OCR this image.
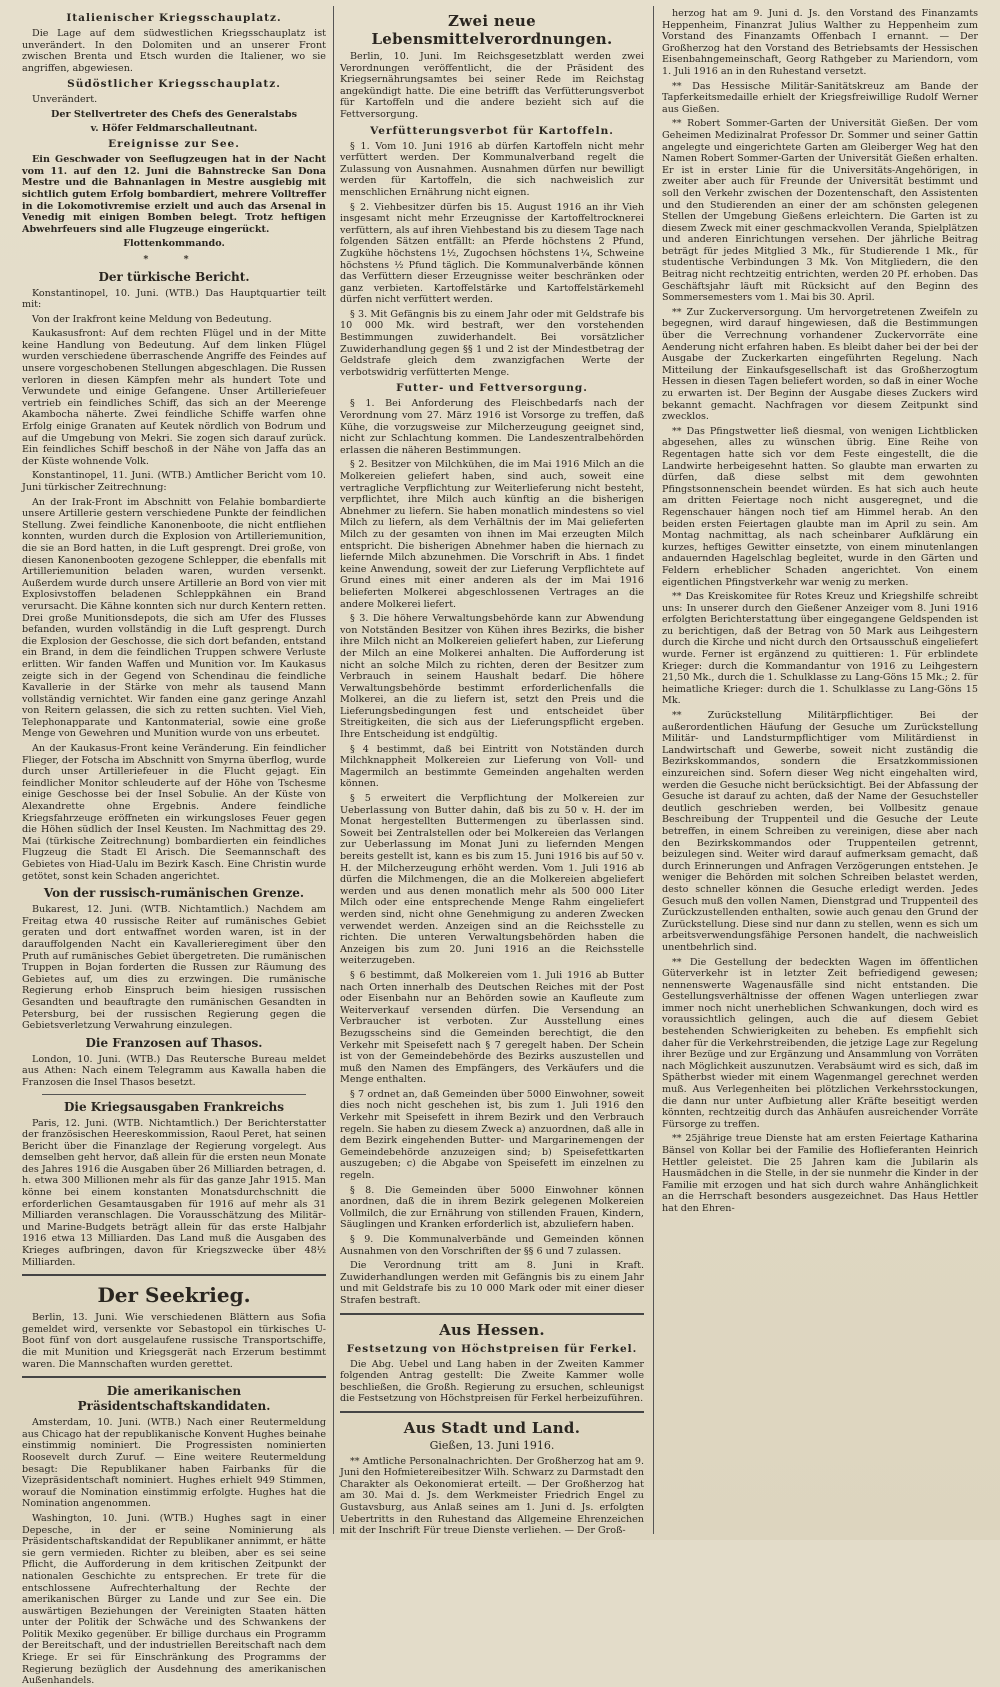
Italienischer Kriegsschauplatz.

Die Lage auf dem südwestlichen Kriegsschauplatz ist unverändert. In den Dolomiten und an unserer Front zwischen Brenta und Etsch wurden die Italiener, wo sie angriffen, abgewiesen.

Südöstlicher Kriegsschauplatz.

Unverändert.

Der Stellvertreter des Chefs des Generalstabs
v. Höfer Feldmarschalleutnant.
Ereignisse zur See.

Ein Geschwader von Seeflugzeugen hat in der Nacht vom 11. auf den 12. Juni die Bahnstrecke San Dona Mestre und die Bahnanlagen in Mestre ausgiebig mit sichtlich gutem Erfolg bombardiert, mehrere Volltreffer in die Lokomotivremise erzielt und auch das Arsenal in Venedig mit einigen Bomben belegt. Trotz heftigen Abwehrfeuers sind alle Flugzeuge eingerückt.

Flottenkommando.
* *
Der türkische Bericht.

Konstantinopel, 10. Juni. (WTB.) Das Hauptquartier teilt mit:

Von der Irakfront keine Meldung von Bedeutung.

Kaukasusfront: Auf dem rechten Flügel und in der Mitte keine Handlung von Bedeutung. Auf dem linken Flügel wurden verschiedene überraschende Angriffe des Feindes auf unsere vorgeschobenen Stellungen abgeschlagen. Die Russen verloren in diesen Kämpfen mehr als hundert Tote und Verwundete und einige Gefangene. Unser Artilleriefeuer vertrieb ein feindliches Schiff, das sich an der Meerenge Akambocha näherte. Zwei feindliche Schiffe warfen ohne Erfolg einige Granaten auf Keutek nördlich von Bodrum und auf die Umgebung von Mekri. Sie zogen sich darauf zurück. Ein feindliches Schiff beschoß in der Nähe von Jaffa das an der Küste wohnende Volk.

Konstantinopel, 11. Juni. (WTB.) Amtlicher Bericht vom 10. Juni türkischer Zeitrechnung:

An der Irak-Front im Abschnitt von Felahie bombardierte unsere Artillerie gestern verschiedene Punkte der feindlichen Stellung. Zwei feindliche Kanonenboote, die nicht entfliehen konnten, wurden durch die Explosion von Artilleriemunition, die sie an Bord hatten, in die Luft gesprengt. Drei große, von diesen Kanonenbooten gezogene Schlepper, die ebenfalls mit Artilleriemunition beladen waren, wurden versenkt. Außerdem wurde durch unsere Artillerie an Bord von vier mit Explosivstoffen beladenen Schleppkähnen ein Brand verursacht. Die Kähne konnten sich nur durch Kentern retten. Drei große Munitionsdepots, die sich am Ufer des Flusses befanden, wurden vollständig in die Luft gesprengt. Durch die Explosion der Geschosse, die sich dort befanden, entstand ein Brand, in dem die feindlichen Truppen schwere Verluste erlitten. Wir fanden Waffen und Munition vor. Im Kaukasus zeigte sich in der Gegend von Schendinau die feindliche Kavallerie in der Stärke von mehr als tausend Mann vollständig vernichtet. Wir fanden eine ganz geringe Anzahl von Reitern gelassen, die sich zu retten suchten. Viel Vieh, Telephonapparate und Kantonmaterial, sowie eine große Menge von Gewehren und Munition wurde von uns erbeutet.

An der Kaukasus-Front keine Veränderung. Ein feindlicher Flieger, der Fotscha im Abschnitt von Smyrna überflog, wurde durch unser Artilleriefeuer in die Flucht gejagt. Ein feindlicher Monitor schleuderte auf der Höhe von Tschesme einige Geschosse bei der Insel Sobulie. An der Küste von Alexandrette ohne Ergebnis. Andere feindliche Kriegsfahrzeuge eröffneten ein wirkungsloses Feuer gegen die Höhen südlich der Insel Keusten. Im Nachmittag des 29. Mai (türkische Zeitrechnung) bombardierten ein feindliches Flugzeug die Stadt El Arisch. Die Seemannschaft des Gebietes von Hiad-Ualu im Bezirk Kasch. Eine Christin wurde getötet, sonst kein Schaden angerichtet.

Von der russisch-rumänischen Grenze.

Bukarest, 12. Juni. (WTB. Nichtamtlich.) Nachdem am Freitag etwa 40 russische Reiter auf rumänisches Gebiet geraten und dort entwaffnet worden waren, ist in der darauffolgenden Nacht ein Kavallerieregiment über den Pruth auf rumänisches Gebiet übergetreten. Die rumänischen Truppen in Bojan forderten die Russen zur Räumung des Gebietes auf, um dies zu erzwingen. Die rumänische Regierung erhob Einspruch beim hiesigen russischen Gesandten und beauftragte den rumänischen Gesandten in Petersburg, bei der russischen Regierung gegen die Gebietsverletzung Verwahrung einzulegen.

Die Franzosen auf Thasos.

London, 10. Juni. (WTB.) Das Reutersche Bureau meldet aus Athen: Nach einem Telegramm aus Kawalla haben die Franzosen die Insel Thasos besetzt.

Die Kriegsausgaben Frankreichs

Paris, 12. Juni. (WTB. Nichtamtlich.) Der Berichterstatter der französischen Heereskommission, Raoul Peret, hat seinen Bericht über die Finanzlage der Regierung vorgelegt. Aus demselben geht hervor, daß allein für die ersten neun Monate des Jahres 1916 die Ausgaben über 26 Milliarden betragen, d. h. etwa 300 Millionen mehr als für das ganze Jahr 1915. Man könne bei einem konstanten Monatsdurchschnitt die erforderlichen Gesamtausgaben für 1916 auf mehr als 31 Milliarden veranschlagen. Die Vorausschätzung des Militär- und Marine-Budgets beträgt allein für das erste Halbjahr 1916 etwa 13 Milliarden. Das Land muß die Ausgaben des Krieges aufbringen, davon für Kriegszwecke über 48½ Milliarden.

Der Seekrieg.

Berlin, 13. Juni. Wie verschiedenen Blättern aus Sofia gemeldet wird, versenkte vor Sebastopol ein türkisches U-Boot fünf von dort ausgelaufene russische Transportschiffe, die mit Munition und Kriegsgerät nach Erzerum bestimmt waren. Die Mannschaften wurden gerettet.

Die amerikanischen Präsidentschaftskandidaten.

Amsterdam, 10. Juni. (WTB.) Nach einer Reutermeldung aus Chicago hat der republikanische Konvent Hughes beinahe einstimmig nominiert. Die Progressisten nominierten Roosevelt durch Zuruf. — Eine weitere Reutermeldung besagt: Die Republikaner haben Fairbanks für die Vizepräsidentschaft nominiert. Hughes erhielt 949 Stimmen, worauf die Nomination einstimmig erfolgte. Hughes hat die Nomination angenommen.

Washington, 10. Juni. (WTB.) Hughes sagt in einer Depesche, in der er seine Nominierung als Präsidentschaftskandidat der Republikaner annimmt, er hätte sie gern vermieden. Richter zu bleiben, aber es sei seine Pflicht, die Aufforderung in dem kritischen Zeitpunkt der nationalen Geschichte zu entsprechen. Er trete für die entschlossene Aufrechterhaltung der Rechte der amerikanischen Bürger zu Lande und zur See ein. Die auswärtigen Beziehungen der Vereinigten Staaten hätten unter der Politik der Schwäche und des Schwankens der Politik Mexiko gegenüber. Er billige durchaus ein Programm der Bereitschaft, und der industriellen Bereitschaft nach dem Kriege. Er sei für Einschränkung des Programms der Regierung bezüglich der Ausdehnung des amerikanischen Außenhandels.

Zwei neue Lebensmittelverordnungen.

Berlin, 10. Juni. Im Reichsgesetzblatt werden zwei Verordnungen veröffentlicht, die der Präsident des Kriegsernährungsamtes bei seiner Rede im Reichstag angekündigt hatte. Die eine betrifft das Verfütterungsverbot für Kartoffeln und die andere bezieht sich auf die Fettversorgung.

Verfütterungsverbot für Kartoffeln.

§ 1. Vom 10. Juni 1916 ab dürfen Kartoffeln nicht mehr verfüttert werden. Der Kommunalverband regelt die Zulassung von Ausnahmen. Ausnahmen dürfen nur bewilligt werden für Kartoffeln, die sich nachweislich zur menschlichen Ernährung nicht eignen.

§ 2. Viehbesitzer dürfen bis 15. August 1916 an ihr Vieh insgesamt nicht mehr Erzeugnisse der Kartoffeltrocknerei verfüttern, als auf ihren Viehbestand bis zu diesem Tage nach folgenden Sätzen entfällt: an Pferde höchstens 2 Pfund, Zugkühe höchstens 1½, Zugochsen höchstens 1¼, Schweine höchstens ½ Pfund täglich. Die Kommunalverbände können das Verfüttern dieser Erzeugnisse weiter beschränken oder ganz verbieten. Kartoffelstärke und Kartoffelstärkemehl dürfen nicht verfüttert werden.

§ 3. Mit Gefängnis bis zu einem Jahr oder mit Geldstrafe bis 10 000 Mk. wird bestraft, wer den vorstehenden Bestimmungen zuwiderhandelt. Bei vorsätzlicher Zuwiderhandlung gegen §§ 1 und 2 ist der Mindestbetrag der Geldstrafe gleich dem zwanzigfachen Werte der verbotswidrig verfütterten Menge.

Futter- und Fettversorgung.

§ 1. Bei Anforderung des Fleischbedarfs nach der Verordnung vom 27. März 1916 ist Vorsorge zu treffen, daß Kühe, die vorzugsweise zur Milcherzeugung geeignet sind, nicht zur Schlachtung kommen. Die Landeszentralbehörden erlassen die näheren Bestimmungen.

§ 2. Besitzer von Milchkühen, die im Mai 1916 Milch an die Molkereien geliefert haben, sind auch, soweit eine vertragliche Verpflichtung zur Weiterlieferung nicht besteht, verpflichtet, ihre Milch auch künftig an die bisherigen Abnehmer zu liefern. Sie haben monatlich mindestens so viel Milch zu liefern, als dem Verhältnis der im Mai gelieferten Milch zu der gesamten von ihnen im Mai erzeugten Milch entspricht. Die bisherigen Abnehmer haben die hiernach zu liefernde Milch abzunehmen. Die Vorschrift in Abs. 1 findet keine Anwendung, soweit der zur Lieferung Verpflichtete auf Grund eines mit einer anderen als der im Mai 1916 belieferten Molkerei abgeschlossenen Vertrages an die andere Molkerei liefert.

§ 3. Die höhere Verwaltungsbehörde kann zur Abwendung von Notständen Besitzer von Kühen ihres Bezirks, die bisher ihre Milch nicht an Molkereien geliefert haben, zur Lieferung der Milch an eine Molkerei anhalten. Die Aufforderung ist nicht an solche Milch zu richten, deren der Besitzer zum Verbrauch in seinem Haushalt bedarf. Die höhere Verwaltungsbehörde bestimmt erforderlichenfalls die Molkerei, an die zu liefern ist, setzt den Preis und die Lieferungsbedingungen fest und entscheidet über Streitigkeiten, die sich aus der Lieferungspflicht ergeben. Ihre Entscheidung ist endgültig.

§ 4 bestimmt, daß bei Eintritt von Notständen durch Milchknappheit Molkereien zur Lieferung von Voll- und Magermilch an bestimmte Gemeinden angehalten werden können.

§ 5 erweitert die Verpflichtung der Molkereien zur Ueberlassung von Butter dahin, daß bis zu 50 v. H. der im Monat hergestellten Buttermengen zu überlassen sind. Soweit bei Zentralstellen oder bei Molkereien das Verlangen zur Ueberlassung im Monat Juni zu liefernden Mengen bereits gestellt ist, kann es bis zum 15. Juni 1916 bis auf 50 v. H. der Milcherzeugung erhöht werden. Vom 1. Juli 1916 ab dürfen die Milchmengen, die an die Molkereien abgeliefert werden und aus denen monatlich mehr als 500 000 Liter Milch oder eine entsprechende Menge Rahm eingeliefert werden sind, nicht ohne Genehmigung zu anderen Zwecken verwendet werden. Anzeigen sind an die Reichsstelle zu richten. Die unteren Verwaltungsbehörden haben die Anzeigen bis zum 20. Juni 1916 an die Reichsstelle weiterzugeben.

§ 6 bestimmt, daß Molkereien vom 1. Juli 1916 ab Butter nach Orten innerhalb des Deutschen Reiches mit der Post oder Eisenbahn nur an Behörden sowie an Kaufleute zum Weiterverkauf versenden dürfen. Die Versendung an Verbraucher ist verboten. Zur Ausstellung eines Bezugsscheins sind die Gemeinden berechtigt, die den Verkehr mit Speisefett nach § 7 geregelt haben. Der Schein ist von der Gemeindebehörde des Bezirks auszustellen und muß den Namen des Empfängers, des Verkäufers und die Menge enthalten.

§ 7 ordnet an, daß Gemeinden über 5000 Einwohner, soweit dies noch nicht geschehen ist, bis zum 1. Juli 1916 den Verkehr mit Speisefett in ihrem Bezirk und den Verbrauch regeln. Sie haben zu diesem Zweck a) anzuordnen, daß alle in dem Bezirk eingehenden Butter- und Margarinemengen der Gemeindebehörde anzuzeigen sind; b) Speisefettkarten auszugeben; c) die Abgabe von Speisefett im einzelnen zu regeln.

§ 8. Die Gemeinden über 5000 Einwohner können anordnen, daß die in ihrem Bezirk gelegenen Molkereien Vollmilch, die zur Ernährung von stillenden Frauen, Kindern, Säuglingen und Kranken erforderlich ist, abzuliefern haben.

§ 9. Die Kommunalverbände und Gemeinden können Ausnahmen von den Vorschriften der §§ 6 und 7 zulassen.

Die Verordnung tritt am 8. Juni in Kraft. Zuwiderhandlungen werden mit Gefängnis bis zu einem Jahr und mit Geldstrafe bis zu 10 000 Mark oder mit einer dieser Strafen bestraft.

Aus Hessen.
Festsetzung von Höchstpreisen für Ferkel.

Die Abg. Uebel und Lang haben in der Zweiten Kammer folgenden Antrag gestellt: Die Zweite Kammer wolle beschließen, die Großh. Regierung zu ersuchen, schleunigst die Festsetzung von Höchstpreisen für Ferkel herbeizuführen.

Aus Stadt und Land.
Gießen, 13. Juni 1916.

** Amtliche Personalnachrichten. Der Großherzog hat am 9. Juni den Hofmietereibesitzer Wilh. Schwarz zu Darmstadt den Charakter als Oekonomierat erteilt. — Der Großherzog hat am 30. Mai d. Js. dem Werkmeister Friedrich Engel zu Gustavsburg, aus Anlaß seines am 1. Juni d. Js. erfolgten Uebertritts in den Ruhestand das Allgemeine Ehrenzeichen mit der Inschrift Für treue Dienste verliehen. — Der Groß-

herzog hat am 9. Juni d. Js. den Vorstand des Finanzamts Heppenheim, Finanzrat Julius Walther zu Heppenheim zum Vorstand des Finanzamts Offenbach I ernannt. — Der Großherzog hat den Vorstand des Betriebsamts der Hessischen Eisenbahngemeinschaft, Georg Rathgeber zu Mariendorn, vom 1. Juli 1916 an in den Ruhestand versetzt.

** Das Hessische Militär-Sanitätskreuz am Bande der Tapferkeitsmedaille erhielt der Kriegsfreiwillige Rudolf Werner aus Gießen.

** Robert Sommer-Garten der Universität Gießen. Der vom Geheimen Medizinalrat Professor Dr. Sommer und seiner Gattin angelegte und eingerichtete Garten am Gleiberger Weg hat den Namen Robert Sommer-Garten der Universität Gießen erhalten. Er ist in erster Linie für die Universitäts-Angehörigen, in zweiter aber auch für Freunde der Universität bestimmt und soll den Verkehr zwischen der Dozentenschaft, den Assistenten und den Studierenden an einer der am schönsten gelegenen Stellen der Umgebung Gießens erleichtern. Die Garten ist zu diesem Zweck mit einer geschmackvollen Veranda, Spielplätzen und anderen Einrichtungen versehen. Der jährliche Beitrag beträgt für jedes Mitglied 3 Mk., für Studierende 1 Mk., für studentische Verbindungen 3 Mk. Von Mitgliedern, die den Beitrag nicht rechtzeitig entrichten, werden 20 Pf. erhoben. Das Geschäftsjahr läuft mit Rücksicht auf den Beginn des Sommersemesters vom 1. Mai bis 30. April.

** Zur Zuckerversorgung. Um hervorgetretenen Zweifeln zu begegnen, wird darauf hingewiesen, daß die Bestimmungen über die Verrechnung vorhandener Zuckervorräte eine Aenderung nicht erfahren haben. Es bleibt daher bei der bei der Ausgabe der Zuckerkarten eingeführten Regelung. Nach Mitteilung der Einkaufsgesellschaft ist das Großherzogtum Hessen in diesen Tagen beliefert worden, so daß in einer Woche zu erwarten ist. Der Beginn der Ausgabe dieses Zuckers wird bekannt gemacht. Nachfragen vor diesem Zeitpunkt sind zwecklos.

** Das Pfingstwetter ließ diesmal, von wenigen Lichtblicken abgesehen, alles zu wünschen übrig. Eine Reihe von Regentagen hatte sich vor dem Feste eingestellt, die die Landwirte herbeigesehnt hatten. So glaubte man erwarten zu dürfen, daß diese selbst mit dem gewohnten Pfingstsonnenschein beendet würden. Es hat sich auch heute am dritten Feiertage noch nicht ausgeregnet, und die Regenschauer hängen noch tief am Himmel herab. An den beiden ersten Feiertagen glaubte man im April zu sein. Am Montag nachmittag, als nach scheinbarer Aufklärung ein kurzes, heftiges Gewitter einsetzte, von einem minutenlangen andauernden Hagelschlag begleitet, wurde in den Gärten und Feldern erheblicher Schaden angerichtet. Von einem eigentlichen Pfingstverkehr war wenig zu merken.

** Das Kreiskomitee für Rotes Kreuz und Kriegshilfe schreibt uns: In unserer durch den Gießener Anzeiger vom 8. Juni 1916 erfolgten Berichterstattung über eingegangene Geldspenden ist zu berichtigen, daß der Betrag von 50 Mark aus Leihgestern durch die Kirche und nicht durch den Ortsausschuß eingeliefert wurde. Ferner ist ergänzend zu quittieren: 1. Für erblindete Krieger: durch die Kommandantur von 1916 zu Leihgestern 21,50 Mk., durch die 1. Schulklasse zu Lang-Göns 15 Mk.; 2. für heimatliche Krieger: durch die 1. Schulklasse zu Lang-Göns 15 Mk.

** Zurückstellung Militärpflichtiger. Bei der außerordentlichen Häufung der Gesuche um Zurückstellung Militär- und Landsturmpflichtiger vom Militärdienst in Landwirtschaft und Gewerbe, soweit nicht zuständig die Bezirkskommandos, sondern die Ersatzkommissionen einzureichen sind. Sofern dieser Weg nicht eingehalten wird, werden die Gesuche nicht berücksichtigt. Bei der Abfassung der Gesuche ist darauf zu achten, daß der Name der Gesuchsteller deutlich geschrieben werden, bei Vollbesitz genaue Beschreibung der Truppenteil und die Gesuche der Leute betreffen, in einem Schreiben zu vereinigen, diese aber nach den Bezirkskommandos oder Truppenteilen getrennt, beizulegen sind. Weiter wird darauf aufmerksam gemacht, daß durch Erinnerungen und Anfragen Verzögerungen entstehen. Je weniger die Behörden mit solchen Schreiben belastet werden, desto schneller können die Gesuche erledigt werden. Jedes Gesuch muß den vollen Namen, Dienstgrad und Truppenteil des Zurückzustellenden enthalten, sowie auch genau den Grund der Zurückstellung. Diese sind nur dann zu stellen, wenn es sich um arbeitsverwendungsfähige Personen handelt, die nachweislich unentbehrlich sind.

** Die Gestellung der bedeckten Wagen im öffentlichen Güterverkehr ist in letzter Zeit befriedigend gewesen; nennenswerte Wagenausfälle sind nicht entstanden. Die Gestellungsverhältnisse der offenen Wagen unterliegen zwar immer noch nicht unerheblichen Schwankungen, doch wird es voraussichtlich gelingen, auch die auf diesem Gebiet bestehenden Schwierigkeiten zu beheben. Es empfiehlt sich daher für die Verkehrstreibenden, die jetzige Lage zur Regelung ihrer Bezüge und zur Ergänzung und Ansammlung von Vorräten nach Möglichkeit auszunutzen. Verabsäumt wird es sich, daß im Spätherbst wieder mit einem Wagenmangel gerechnet werden muß. Aus Verlegenheiten bei plötzlichen Verkehrsstockungen, die dann nur unter Aufbietung aller Kräfte beseitigt werden könnten, rechtzeitig durch das Anhäufen ausreichender Vorräte Fürsorge zu treffen.

** 25jährige treue Dienste hat am ersten Feiertage Katharina Bänsel von Kollar bei der Familie des Hoflieferanten Heinrich Hettler geleistet. Die 25 Jahren kam die Jubilarin als Hausmädchen in die Stelle, in der sie nunmehr die Kinder in der Familie mit erzogen und hat sich durch wahre Anhänglichkeit an die Herrschaft besonders ausgezeichnet. Das Haus Hettler hat den Ehren-
